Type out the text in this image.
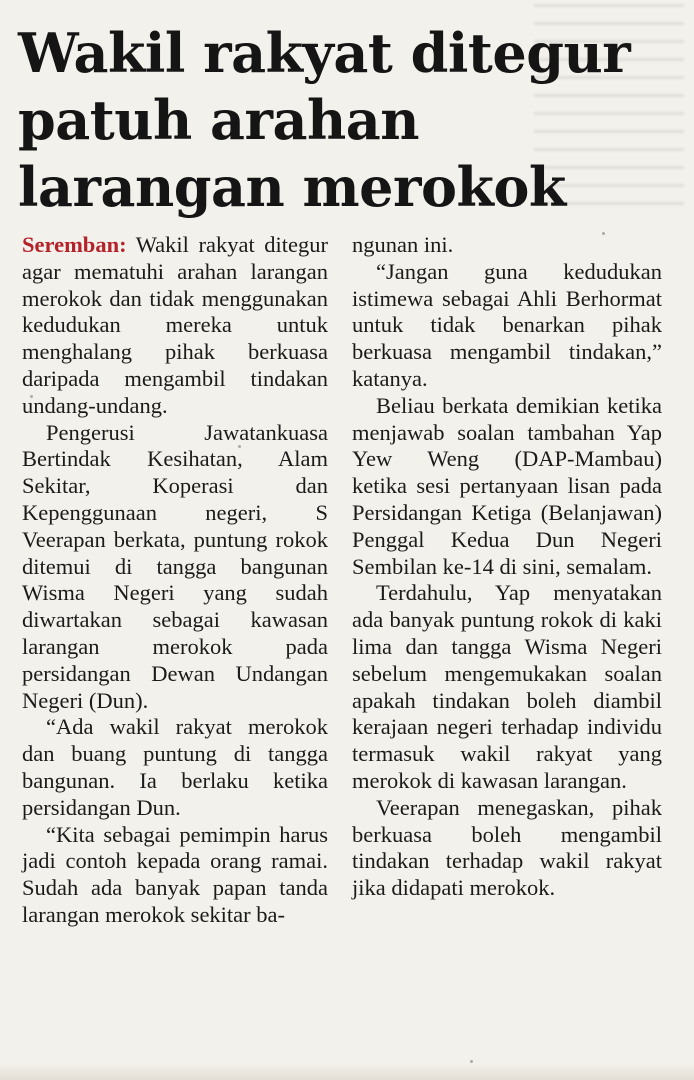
Wakil rakyat ditegur
patuh arahan
larangan merokok

Seremban: Wakil rakyat ditegur agar mematuhi arahan larangan merokok dan tidak menggunakan kedudukan mereka untuk menghalang pihak berkuasa daripada mengambil tindakan undang-undang.

Pengerusi Jawatankuasa Bertindak Kesihatan, Alam Sekitar, Koperasi dan Kepenggunaan negeri, S Veerapan berkata, puntung rokok ditemui di tangga bangunan Wisma Negeri yang sudah diwartakan sebagai kawasan larangan merokok pada persidangan Dewan Undangan Negeri (Dun).

“Ada wakil rakyat merokok dan buang puntung di tangga bangunan. Ia berlaku ketika persidangan Dun.

“Kita sebagai pemimpin harus jadi contoh kepada orang ramai. Sudah ada banyak papan tanda larangan merokok sekitar ba-

ngunan ini.

“Jangan guna kedudukan istimewa sebagai Ahli Berhormat untuk tidak benarkan pihak berkuasa mengambil tindakan,” katanya.

Beliau berkata demikian ketika menjawab soalan tambahan Yap Yew Weng (DAP-Mambau) ketika sesi pertanyaan lisan pada Persidangan Ketiga (Belanjawan) Penggal Kedua Dun Negeri Sembilan ke-14 di sini, semalam.

Terdahulu, Yap menyatakan ada banyak puntung rokok di kaki lima dan tangga Wisma Negeri sebelum mengemukakan soalan apakah tindakan boleh diambil kerajaan negeri terhadap individu termasuk wakil rakyat yang merokok di kawasan larangan.

Veerapan menegaskan, pihak berkuasa boleh mengambil tindakan terhadap wakil rakyat jika didapati merokok.
